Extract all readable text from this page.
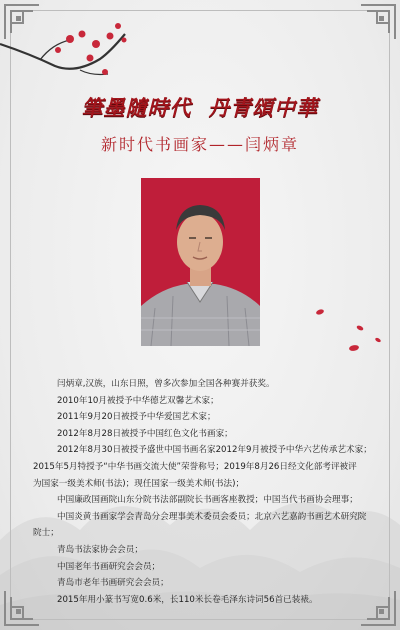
筆墨隨時代  丹青頌中華
新时代书画家——闫炳章

闫炳章,汉族，山东日照，曾多次参加全国各种赛并获奖。

2010年10月被授予中华德艺双馨艺术家；

2011年9月20日被授予中华爱国艺术家；

2012年8月28日被授予中国红色文化书画家；

2012年8月30日被授予盛世中国书画名家2012年9月被授予中华六艺传承艺术家；

2015年5月特授予“中华书画交流大使”荣誉称号；2019年8月26日经文化部考评被评

为国家一级美术师(书法)；现任国家一级美术师(书法)；

中国廉政国画院山东分院书法部副院长书画客座教授；中国当代书画协会理事；

中国炎黄书画家学会青岛分会理事美术委员会委员；北京六艺嘉韵书画艺术研究院

院士；

青岛书法家协会会员；

中国老年书画研究会会员；

青岛市老年书画研究会会员；

2015年用小篆书写宽0.6米，长110米长卷毛泽东诗词56首已装裱。
